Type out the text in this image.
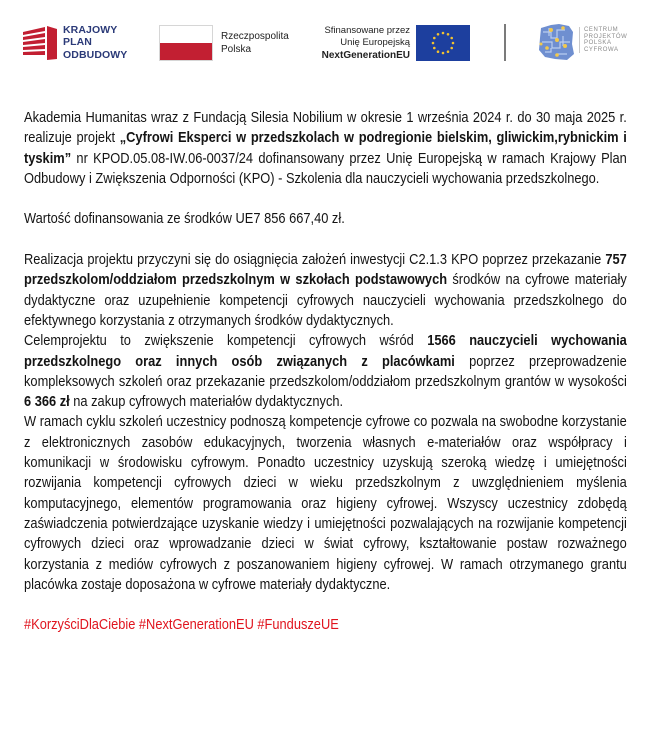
KRAJOWY
PLAN
ODBUDOWY
Rzeczpospolita
Polska
Sfinansowane przez
Unię Europejską
NextGenerationEU
CENTRUM
PROJEKTÓW
POLSKA
CYFROWA

Akademia Humanitas wraz z Fundacją Silesia Nobilium w okresie 1 września 2024 r. do 30 maja 2025 r. realizuje projekt „Cyfrowi Eksperci w przedszkolach w podregionie bielskim, gliwickim,rybnickim i tyskim” nr KPOD.05.08-IW.06-0037/24 dofinansowany przez Unię Europejską w ramach Krajowy Plan Odbudowy i Zwiększenia Odporności (KPO) - Szkolenia dla nauczycieli wychowania przedszkolnego.

Wartość dofinansowania ze środków UE7 856 667,40 zł.

Realizacja projektu przyczyni się do osiągnięcia założeń inwestycji C2.1.3 KPO poprzez przekazanie 757 przedszkolom/oddziałom przedszkolnym w szkołach podstawowych środków na cyfrowe materiały dydaktyczne oraz uzupełnienie kompetencji cyfrowych nauczycieli wychowania przedszkolnego do efektywnego korzystania z otrzymanych środków dydaktycznych.

Celemprojektu to zwiększenie kompetencji cyfrowych wśród 1566 nauczycieli wychowania przedszkolnego oraz innych osób związanych z placówkami poprzez przeprowadzenie kompleksowych szkoleń oraz przekazanie przedszkolom/oddziałom przedszkolnym grantów w wysokości 6 366 zł na zakup cyfrowych materiałów dydaktycznych.

W ramach cyklu szkoleń uczestnicy podnoszą kompetencje cyfrowe co pozwala na swobodne korzystanie z elektronicznych zasobów edukacyjnych, tworzenia własnych e-materiałów oraz współpracy i komunikacji w środowisku cyfrowym. Ponadto uczestnicy uzyskują szeroką wiedzę i umiejętności rozwijania kompetencji cyfrowych dzieci w wieku przedszkolnym z uwzględnieniem myślenia komputacyjnego, elementów programowania oraz higieny cyfrowej. Wszyscy uczestnicy zdobędą zaświadczenia potwierdzające uzyskanie wiedzy i umiejętności pozwalających na rozwijanie kompetencji cyfrowych dzieci oraz wprowadzanie dzieci w świat cyfrowy, kształtowanie postaw rozważnego korzystania z mediów cyfrowych z poszanowaniem higieny cyfrowej. W ramach otrzymanego grantu placówka zostaje doposażona w cyfrowe materiały dydaktyczne.

#KorzyściDlaCiebie #NextGenerationEU #FunduszeUE
